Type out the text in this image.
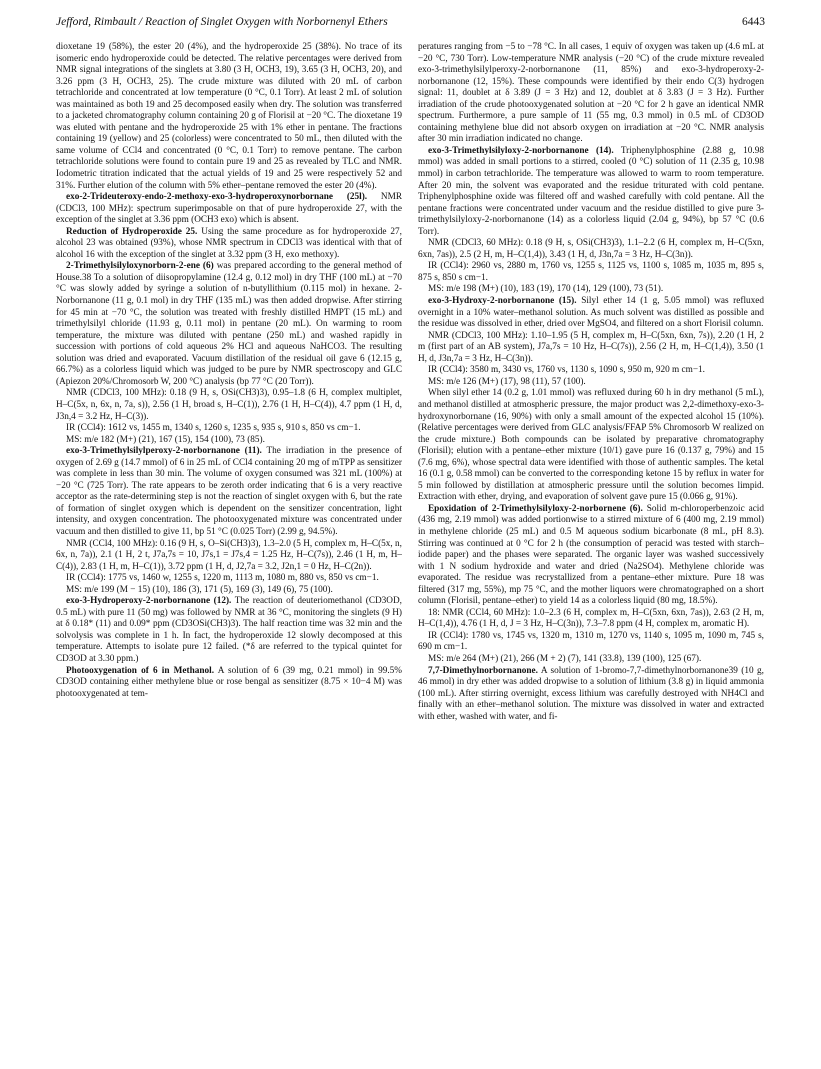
Jefford, Rimbault / Reaction of Singlet Oxygen with Norbornenyl Ethers	6443

dioxetane 19 (58%), the ester 20 (4%), and the hydroperoxide 25 (38%). No trace of its isomeric endo hydroperoxide could be detected. The relative percentages were derived from NMR signal integrations of the singlets at 3.80 (3 H, OCH3, 19), 3.65 (3 H, OCH3, 20), and 3.26 ppm (3 H, OCH3, 25). The crude mixture was diluted with 20 mL of carbon tetrachloride and concentrated at low temperature (0 °C, 0.1 Torr). At least 2 mL of solution was maintained as both 19 and 25 decomposed easily when dry. The solution was transferred to a jacketed chromatography column containing 20 g of Florisil at −20 °C. The dioxetane 19 was eluted with pentane and the hydroperoxide 25 with 1% ether in pentane. The fractions containing 19 (yellow) and 25 (colorless) were concentrated to 50 mL, then diluted with the same volume of CCl4 and concentrated (0 °C, 0.1 Torr) to remove pentane. The carbon tetrachloride solutions were found to contain pure 19 and 25 as revealed by TLC and NMR. Iodometric titration indicated that the actual yields of 19 and 25 were respectively 52 and 31%. Further elution of the column with 5% ether–pentane removed the ester 20 (4%).

exo-2-Trideuteroxy-endo-2-methoxy-exo-3-hydroperoxynorbornane (25l). NMR (CDCl3, 100 MHz): spectrum superimposable on that of pure hydroperoxide 27, with the exception of the singlet at 3.36 ppm (OCH3 exo) which is absent.

Reduction of Hydroperoxide 25. Using the same procedure as for hydroperoxide 27, alcohol 23 was obtained (93%), whose NMR spectrum in CDCl3 was identical with that of alcohol 16 with the exception of the singlet at 3.32 ppm (3 H, exo methoxy).

2-Trimethylsilyloxynorborn-2-ene (6) was prepared according to the general method of House.38 To a solution of diisopropylamine (12.4 g, 0.12 mol) in dry THF (100 mL) at −70 °C was slowly added by syringe a solution of n-butyllithium (0.115 mol) in hexane. 2-Norbornanone (11 g, 0.1 mol) in dry THF (135 mL) was then added dropwise. After stirring for 45 min at −70 °C, the solution was treated with freshly distilled HMPT (15 mL) and trimethylsilyl chloride (11.93 g, 0.11 mol) in pentane (20 mL). On warming to room temperature, the mixture was diluted with pentane (250 mL) and washed rapidly in succession with portions of cold aqueous 2% HCl and aqueous NaHCO3. The resulting solution was dried and evaporated. Vacuum distillation of the residual oil gave 6 (12.15 g, 66.7%) as a colorless liquid which was judged to be pure by NMR spectroscopy and GLC (Apiezon 20%/Chromosorb W, 200 °C) analysis (bp 77 °C (20 Torr)).

NMR (CDCl3, 100 MHz): 0.18 (9 H, s, OSi(CH3)3), 0.95–1.8 (6 H, complex multiplet, H–C(5x, n, 6x, n, 7a, s)), 2.56 (1 H, broad s, H–C(1)), 2.76 (1 H, H–C(4)), 4.7 ppm (1 H, d, J3n,4 = 3.2 Hz, H–C(3)).

IR (CCl4): 1612 vs, 1455 m, 1340 s, 1260 s, 1235 s, 935 s, 910 s, 850 vs cm−1.

MS: m/e 182 (M+) (21), 167 (15), 154 (100), 73 (85).

exo-3-Trimethylsilylperoxy-2-norbornanone (11). The irradiation in the presence of oxygen of 2.69 g (14.7 mmol) of 6 in 25 mL of CCl4 containing 20 mg of mTPP as sensitizer was complete in less than 30 min. The volume of oxygen consumed was 321 mL (100%) at −20 °C (725 Torr). The rate appears to be zeroth order indicating that 6 is a very reactive acceptor as the rate-determining step is not the reaction of singlet oxygen with 6, but the rate of formation of singlet oxygen which is dependent on the sensitizer concentration, light intensity, and oxygen concentration. The photooxygenated mixture was concentrated under vacuum and then distilled to give 11, bp 51 °C (0.025 Torr) (2.99 g, 94.5%).

NMR (CCl4, 100 MHz): 0.16 (9 H, s, O–Si(CH3)3), 1.3–2.0 (5 H, complex m, H–C(5x, n, 6x, n, 7a)), 2.1 (1 H, 2 t, J7a,7s = 10, J7s,1 = J7s,4 = 1.25 Hz, H–C(7s)), 2.46 (1 H, m, H–C(4)), 2.83 (1 H, m, H–C(1)), 3.72 ppm (1 H, d, J2,7a = 3.2, J2n,1 = 0 Hz, H–C(2n)).

IR (CCl4): 1775 vs, 1460 w, 1255 s, 1220 m, 1113 m, 1080 m, 880 vs, 850 vs cm−1.

MS: m/e 199 (M − 15) (10), 186 (3), 171 (5), 169 (3), 149 (6), 75 (100).

exo-3-Hydroperoxy-2-norbornanone (12). The reaction of deuteriomethanol (CD3OD, 0.5 mL) with pure 11 (50 mg) was followed by NMR at 36 °C, monitoring the singlets (9 H) at δ 0.18* (11) and 0.09* ppm (CD3OSi(CH3)3). The half reaction time was 32 min and the solvolysis was complete in 1 h. In fact, the hydroperoxide 12 slowly decomposed at this temperature. Attempts to isolate pure 12 failed. (*δ are referred to the typical quintet for CD3OD at 3.30 ppm.)

Photooxygenation of 6 in Methanol. A solution of 6 (39 mg, 0.21 mmol) in 99.5% CD3OD containing either methylene blue or rose bengal as sensitizer (8.75 × 10−4 M) was photooxygenated at tem-

peratures ranging from −5 to −78 °C. In all cases, 1 equiv of oxygen was taken up (4.6 mL at −20 °C, 730 Torr). Low-temperature NMR analysis (−20 °C) of the crude mixture revealed exo-3-trimethylsilylperoxy-2-norbornanone (11, 85%) and exo-3-hydroperoxy-2-norbornanone (12, 15%). These compounds were identified by their endo C(3) hydrogen signal: 11, doublet at δ 3.89 (J = 3 Hz) and 12, doublet at δ 3.83 (J = 3 Hz). Further irradiation of the crude photooxygenated solution at −20 °C for 2 h gave an identical NMR spectrum. Furthermore, a pure sample of 11 (55 mg, 0.3 mmol) in 0.5 mL of CD3OD containing methylene blue did not absorb oxygen on irradiation at −20 °C. NMR analysis after 30 min irradiation indicated no change.

exo-3-Trimethylsilyloxy-2-norbornanone (14). Triphenylphosphine (2.88 g, 10.98 mmol) was added in small portions to a stirred, cooled (0 °C) solution of 11 (2.35 g, 10.98 mmol) in carbon tetrachloride. The temperature was allowed to warm to room temperature. After 20 min, the solvent was evaporated and the residue triturated with cold pentane. Triphenylphosphine oxide was filtered off and washed carefully with cold pentane. All the pentane fractions were concentrated under vacuum and the residue distilled to give pure 3-trimethylsilyloxy-2-norbornanone (14) as a colorless liquid (2.04 g, 94%), bp 57 °C (0.6 Torr).

NMR (CDCl3, 60 MHz): 0.18 (9 H, s, OSi(CH3)3), 1.1–2.2 (6 H, complex m, H–C(5xn, 6xn, 7as)), 2.5 (2 H, m, H–C(1,4)), 3.43 (1 H, d, J3n,7a = 3 Hz, H–C(3n)).

IR (CCl4): 2960 vs, 2880 m, 1760 vs, 1255 s, 1125 vs, 1100 s, 1085 m, 1035 m, 895 s, 875 s, 850 s cm−1.

MS: m/e 198 (M+) (10), 183 (19), 170 (14), 129 (100), 73 (51).

exo-3-Hydroxy-2-norbornanone (15). Silyl ether 14 (1 g, 5.05 mmol) was refluxed overnight in a 10% water–methanol solution. As much solvent was distilled as possible and the residue was dissolved in ether, dried over MgSO4, and filtered on a short Florisil column.

NMR (CDCl3, 100 MHz): 1.10–1.95 (5 H, complex m, H–C(5xn, 6xn, 7s)), 2.20 (1 H, 2 m (first part of an AB system), J7a,7s = 10 Hz, H–C(7s)), 2.56 (2 H, m, H–C(1,4)), 3.50 (1 H, d, J3n,7a = 3 Hz, H–C(3n)).

IR (CCl4): 3580 m, 3430 vs, 1760 vs, 1130 s, 1090 s, 950 m, 920 m cm−1.

MS: m/e 126 (M+) (17), 98 (11), 57 (100).

When silyl ether 14 (0.2 g, 1.01 mmol) was refluxed during 60 h in dry methanol (5 mL), and methanol distilled at atmospheric pressure, the major product was 2,2-dimethoxy-exo-3-hydroxynorbornane (16, 90%) with only a small amount of the expected alcohol 15 (10%). (Relative percentages were derived from GLC analysis/FFAP 5% Chromosorb W realized on the crude mixture.) Both compounds can be isolated by preparative chromatography (Florisil); elution with a pentane–ether mixture (10/1) gave pure 16 (0.137 g, 79%) and 15 (7.6 mg, 6%), whose spectral data were identified with those of authentic samples. The ketal 16 (0.1 g, 0.58 mmol) can be converted to the corresponding ketone 15 by reflux in water for 5 min followed by distillation at atmospheric pressure until the solution becomes limpid. Extraction with ether, drying, and evaporation of solvent gave pure 15 (0.066 g, 91%).

Epoxidation of 2-Trimethylsilyloxy-2-norbornene (6). Solid m-chloroperbenzoic acid (436 mg, 2.19 mmol) was added portionwise to a stirred mixture of 6 (400 mg, 2.19 mmol) in methylene chloride (25 mL) and 0.5 M aqueous sodium bicarbonate (8 mL, pH 8.3). Stirring was continued at 0 °C for 2 h (the consumption of peracid was tested with starch–iodide paper) and the phases were separated. The organic layer was washed successively with 1 N sodium hydroxide and water and dried (Na2SO4). Methylene chloride was evaporated. The residue was recrystallized from a pentane–ether mixture. Pure 18 was filtered (317 mg, 55%), mp 75 °C, and the mother liquors were chromatographed on a short column (Florisil, pentane–ether) to yield 14 as a colorless liquid (80 mg, 18.5%).

18: NMR (CCl4, 60 MHz): 1.0–2.3 (6 H, complex m, H–C(5xn, 6xn, 7as)), 2.63 (2 H, m, H–C(1,4)), 4.76 (1 H, d, J = 3 Hz, H–C(3n)), 7.3–7.8 ppm (4 H, complex m, aromatic H).

IR (CCl4): 1780 vs, 1745 vs, 1320 m, 1310 m, 1270 vs, 1140 s, 1095 m, 1090 m, 745 s, 690 m cm−1.

MS: m/e 264 (M+) (21), 266 (M + 2) (7), 141 (33.8), 139 (100), 125 (67).

7,7-Dimethylnorbornanone. A solution of 1-bromo-7,7-dimethylnorbornanone39 (10 g, 46 mmol) in dry ether was added dropwise to a solution of lithium (3.8 g) in liquid ammonia (100 mL). After stirring overnight, excess lithium was carefully destroyed with NH4Cl and finally with an ether–methanol solution. The mixture was dissolved in water and extracted with ether, washed with water, and fi-
